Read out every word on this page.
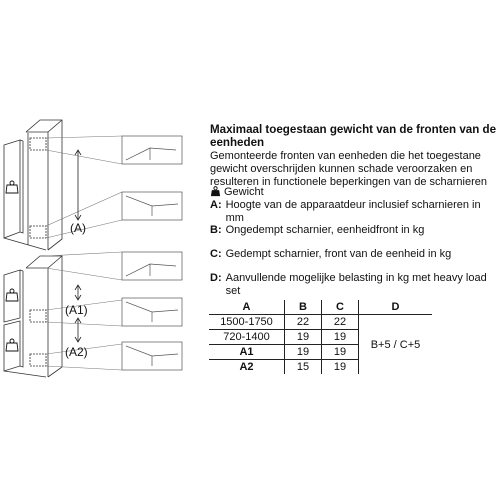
(A)
(A1)
(A2)
Maximaal toegestaan gewicht van de fronten van de eenheden
Gemonteerde fronten van eenheden die het toegestane gewicht overschrijden kunnen schade veroorzaken en resulteren in functionele beperkingen van de scharnieren
Gewicht
A: Hoogte van de apparaatdeur inclusief scharnieren in mm
B: Ongedempt scharnier, eenheidfront in kg
C: Gedempt scharnier, front van de eenheid in kg
D: Aanvullende mogelijke belasting in kg met heavy load set
A	B	C	D
1500-1750	22	22	B+5 / C+5
720-1400	19	19	
A1	19	19	
A2	15	19	
